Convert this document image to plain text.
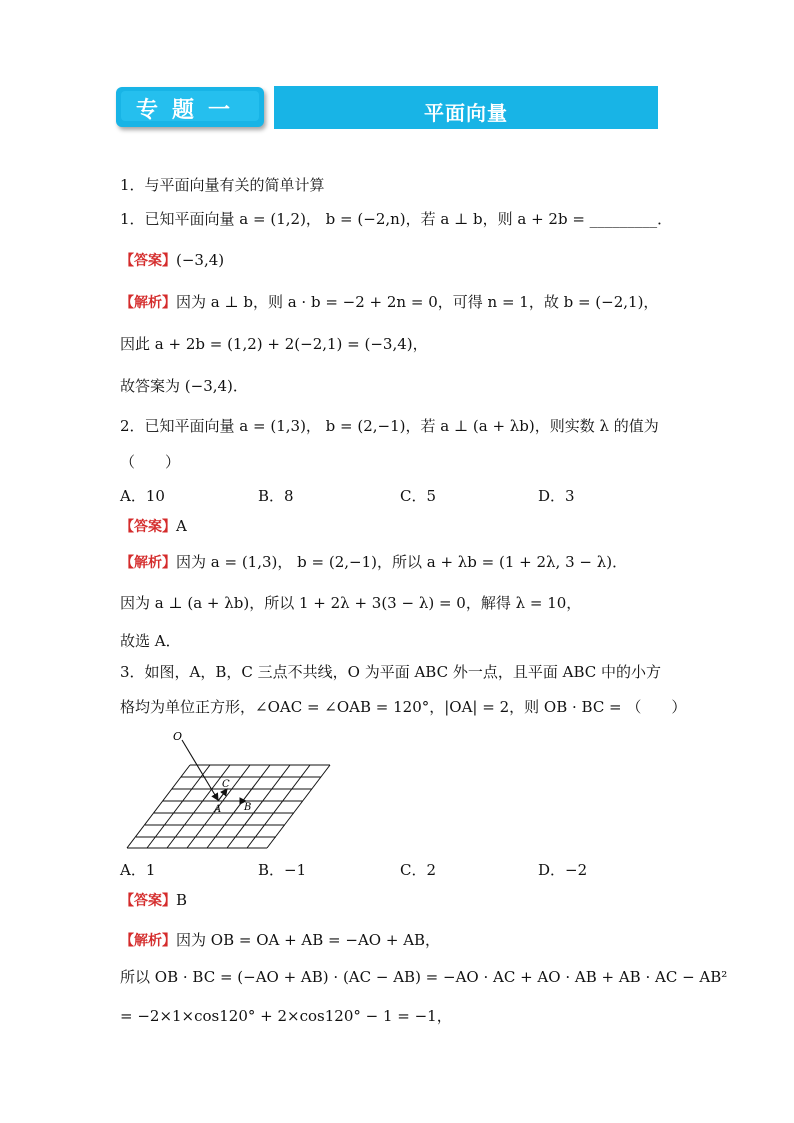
专题一	平面向量
1．与平面向量有关的简单计算
1．已知平面向量 a = (1,2)， b = (−2,n)，若 a ⊥ b，则 a + 2b = _________．
【答案】(−3,4)
【解析】因为 a ⊥ b，则 a · b = −2 + 2n = 0，可得 n = 1，故 b = (−2,1)，
因此 a + 2b = (1,2) + 2(−2,1) = (−3,4)，
故答案为 (−3,4)．
2．已知平面向量 a = (1,3)， b = (2,−1)，若 a ⊥ (a + λb)，则实数 λ 的值为
（　　）
A．10	B．8	C．5	D．3
【答案】A
【解析】因为 a = (1,3)， b = (2,−1)，所以 a + λb = (1 + 2λ, 3 − λ)．
因为 a ⊥ (a + λb)，所以 1 + 2λ + 3(3 − λ) = 0，解得 λ = 10，
故选 A．
3．如图，A，B，C 三点不共线，O 为平面 ABC 外一点，且平面 ABC 中的小方
格均为单位正方形，∠OAC = ∠OAB = 120°，|OA| = 2，则 OB · BC = （　　）
O
A B
C
A．1	B．−1	C．2	D．−2
【答案】B
【解析】因为 OB = OA + AB = −AO + AB，
所以 OB · BC = (−AO + AB) · (AC − AB) = −AO · AC + AO · AB + AB · AC − AB²
= −2×1×cos120° + 2×cos120° − 1 = −1，
